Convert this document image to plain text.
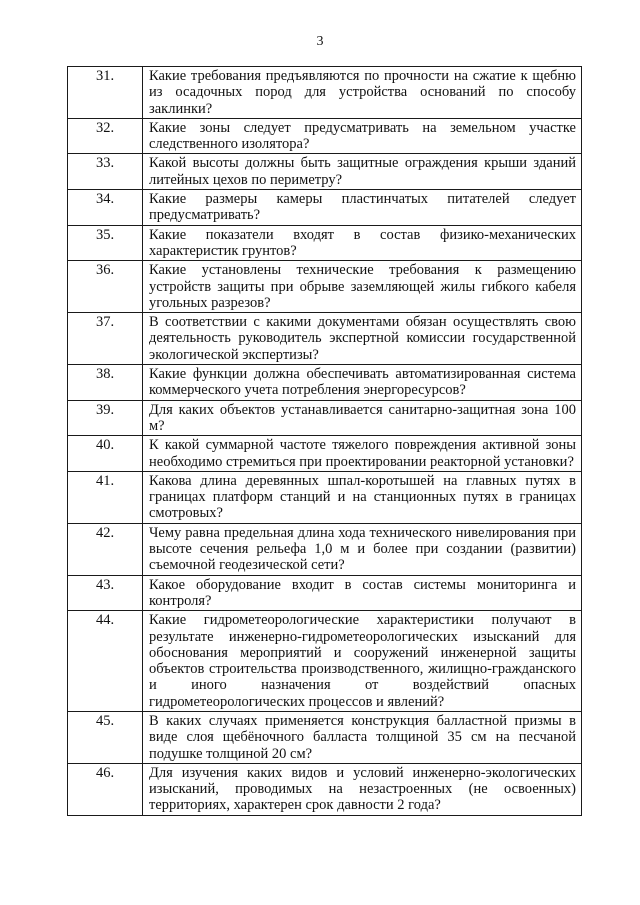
3
31.	Какие требования предъявляются по прочности на сжатие к щебню из осадочных пород для устройства оснований по способу заклинки?
32.	Какие зоны следует предусматривать на земельном участке следственного изолятора?
33.	Какой высоты должны быть защитные ограждения крыши зданий литейных цехов по периметру?
34.	Какие размеры камеры пластинчатых питателей следует предусматривать?
35.	Какие показатели входят в состав физико-механических характеристик грунтов?
36.	Какие установлены технические требования к размещению устройств защиты при обрыве заземляющей жилы гибкого кабеля угольных разрезов?
37.	В соответствии с какими документами обязан осуществлять свою деятельность руководитель экспертной комиссии государственной экологической экспертизы?
38.	Какие функции должна обеспечивать автоматизированная система коммерческого учета потребления энергоресурсов?
39.	Для каких объектов устанавливается санитарно-защитная зона 100 м?
40.	К какой суммарной частоте тяжелого повреждения активной зоны необходимо стремиться при проектировании реакторной установки?
41.	Какова длина деревянных шпал-коротышей на главных путях в границах платформ станций и на станционных путях в границах смотровых?
42.	Чему равна предельная длина хода технического нивелирования при высоте сечения рельефа 1,0 м и более при создании (развитии) съемочной геодезической сети?
43.	Какое оборудование входит в состав системы мониторинга и контроля?
44.	Какие гидрометеорологические характеристики получают в результате инженерно-гидрометеорологических изысканий для обоснования мероприятий и сооружений инженерной защиты объектов строительства производственного, жилищно-гражданского и иного назначения от воздействий опасных гидрометеорологических процессов и явлений?
45.	В каких случаях применяется конструкция балластной призмы в виде слоя щебёночного балласта толщиной 35 см на песчаной подушке толщиной 20 см?
46.	Для изучения каких видов и условий инженерно-экологических изысканий, проводимых на незастроенных (не освоенных) территориях, характерен срок давности 2 года?
